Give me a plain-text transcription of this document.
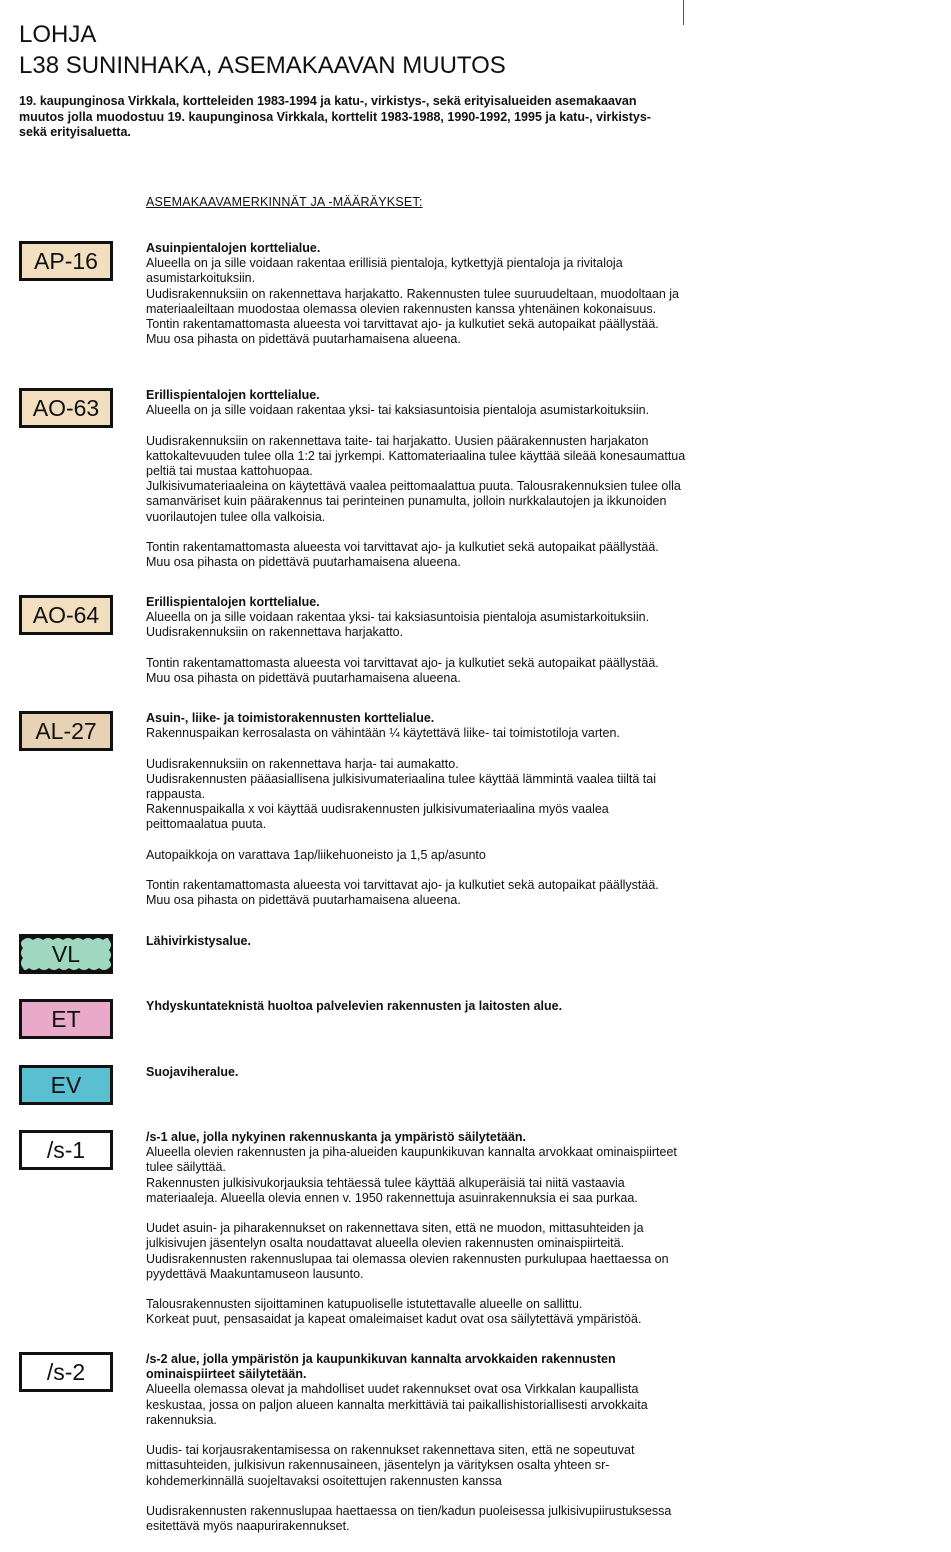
LOHJA
L38 SUNINHAKA, ASEMAKAAVAN MUUTOS

19. kaupunginosa Virkkala, kortteleiden 1983-1994 ja katu-, virkistys-, sekä erityisalueiden asemakaavan muutos jolla muodostuu 19. kaupunginosa Virkkala, korttelit 1983-1988, 1990-1992, 1995 ja katu-, virkistys- sekä erityisaluetta.

ASEMAKAAVAMERKINNÄT JA -MÄÄRÄYKSET:

AP-16	Asuinpientalojen korttelialue.

Alueella on ja sille voidaan rakentaa erillisiä pientaloja, kytkettyjä pientaloja ja rivitaloja asumistarkoituksiin.

Uudisrakennuksiin on rakennettava harjakatto. Rakennusten tulee suuruudeltaan, muodoltaan ja materiaaleiltaan muodostaa olemassa olevien rakennusten kanssa yhtenäinen kokonaisuus.

Tontin rakentamattomasta alueesta voi tarvittavat ajo- ja kulkutiet sekä autopaikat päällystää. Muu osa pihasta on pidettävä puutarhamaisena alueena.

AO-63	Erillispientalojen korttelialue.

Alueella on ja sille voidaan rakentaa yksi- tai kaksiasuntoisia pientaloja asumistarkoituksiin.

Uudisrakennuksiin on rakennettava taite- tai harjakatto. Uusien päärakennusten harjakaton kattokaltevuuden tulee olla 1:2 tai jyrkempi. Kattomateriaalina tulee käyttää sileää konesaumattua peltiä tai mustaa kattohuopaa.

Julkisivumateriaaleina on käytettävä vaalea peittomaalattua puuta. Talousrakennuksien tulee olla samanväriset kuin päärakennus tai perinteinen punamulta, jolloin nurkkalautojen ja ikkunoiden vuorilautojen tulee olla valkoisia.

Tontin rakentamattomasta alueesta voi tarvittavat ajo- ja kulkutiet sekä autopaikat päällystää. Muu osa pihasta on pidettävä puutarhamaisena alueena.

AO-64	Erillispientalojen korttelialue.

Alueella on ja sille voidaan rakentaa yksi- tai kaksiasuntoisia pientaloja asumistarkoituksiin.

Uudisrakennuksiin on rakennettava harjakatto.

Tontin rakentamattomasta alueesta voi tarvittavat ajo- ja kulkutiet sekä autopaikat päällystää. Muu osa pihasta on pidettävä puutarhamaisena alueena.

AL-27	Asuin-, liike- ja toimistorakennusten korttelialue.

Rakennuspaikan kerrosalasta on vähintään ¼ käytettävä liike- tai toimistotiloja varten.

Uudisrakennuksiin on rakennettava harja- tai aumakatto.

Uudisrakennusten pääasiallisena julkisivumateriaalina tulee käyttää lämmintä vaalea tiiltä tai rappausta.

Rakennuspaikalla x voi käyttää uudisrakennusten julkisivumateriaalina myös vaalea peittomaalatua puuta.

Autopaikkoja on varattava 1ap/liikehuoneisto ja 1,5 ap/asunto

Tontin rakentamattomasta alueesta voi tarvittavat ajo- ja kulkutiet sekä autopaikat päällystää. Muu osa pihasta on pidettävä puutarhamaisena alueena.

VL	Lähivirkistysalue.

ET	Yhdyskuntateknistä huoltoa palvelevien rakennusten ja laitosten alue.

EV	Suojaviheralue.

/s-1	/s-1 alue, jolla nykyinen rakennuskanta ja ympäristö säilytetään.

Alueella olevien rakennusten ja piha-alueiden kaupunkikuvan kannalta arvokkaat ominaispiirteet tulee säilyttää.

Rakennusten julkisivukorjauksia tehtäessä tulee käyttää alkuperäisiä tai niitä vastaavia materiaaleja. Alueella olevia ennen v. 1950 rakennettuja asuinrakennuksia ei saa purkaa.

Uudet asuin- ja piharakennukset on rakennettava siten, että ne muodon, mittasuhteiden ja julkisivujen jäsentelyn osalta noudattavat alueella olevien rakennusten ominaispiirteitä.

Uudisrakennusten rakennuslupaa tai olemassa olevien rakennusten purkulupaa haettaessa on pyydettävä Maakuntamuseon lausunto.

Talousrakennusten sijoittaminen katupuoliselle istutettavalle alueelle on sallittu.

Korkeat puut, pensasaidat ja kapeat omaleimaiset kadut ovat osa säilytettävä ympäristöä.

/s-2	/s-2 alue, jolla ympäristön ja kaupunkikuvan kannalta arvokkaiden rakennusten ominaispiirteet säilytetään.

Alueella olemassa olevat ja mahdolliset uudet rakennukset ovat osa Virkkalan kaupallista keskustaa, jossa on paljon alueen kannalta merkittäviä tai paikallishistoriallisesti arvokkaita rakennuksia.

Uudis- tai korjausrakentamisessa on rakennukset rakennettava siten, että ne sopeutuvat mittasuhteiden, julkisivun rakennusaineen, jäsentelyn ja värityksen osalta yhteen sr-kohdemerkinnällä suojeltavaksi osoitettujen rakennusten kanssa

Uudisrakennusten rakennuslupaa haettaessa on tien/kadun puoleisessa julkisivupiirustuksessa esitettävä myös naapurirakennukset.
